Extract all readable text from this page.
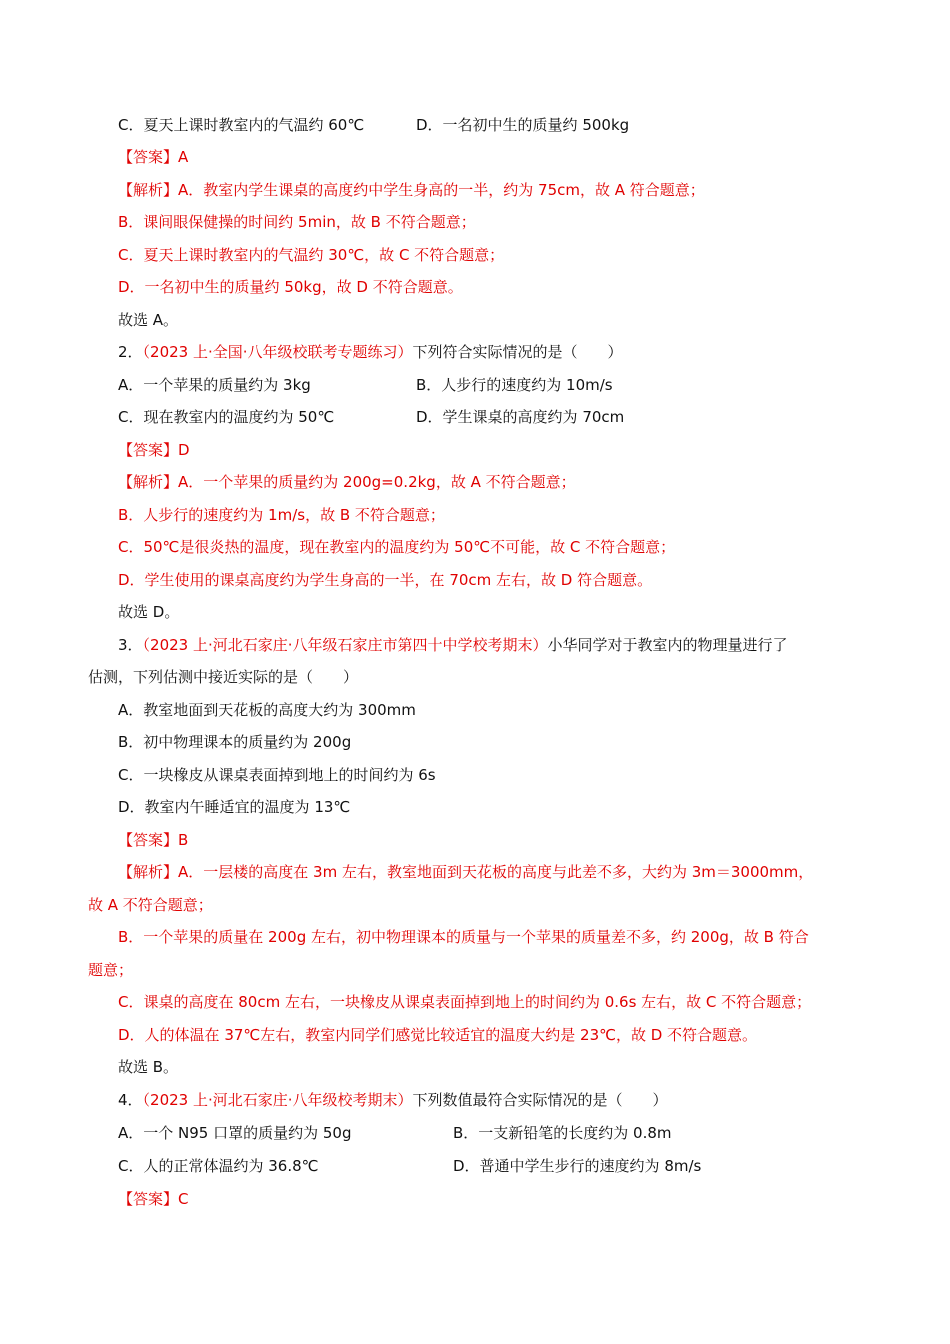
C．夏天上课时教室内的气温约 60℃	D．一名初中生的质量约 500kg
【答案】A
【解析】A．教室内学生课桌的高度约中学生身高的一半，约为 75cm，故 A 符合题意；
B．课间眼保健操的时间约 5min，故 B 不符合题意；
C．夏天上课时教室内的气温约 30℃，故 C 不符合题意；
D．一名初中生的质量约 50kg，故 D 不符合题意。
故选 A。
2．（2023 上·全国·八年级校联考专题练习）下列符合实际情况的是（　　）
A．一个苹果的质量约为 3kg	B．人步行的速度约为 10m/s
C．现在教室内的温度约为 50℃	D．学生课桌的高度约为 70cm
【答案】D
【解析】A．一个苹果的质量约为 200g=0.2kg，故 A 不符合题意；
B．人步行的速度约为 1m/s，故 B 不符合题意；
C．50℃是很炎热的温度，现在教室内的温度约为 50℃不可能，故 C 不符合题意；
D．学生使用的课桌高度约为学生身高的一半，在 70cm 左右，故 D 符合题意。
故选 D。
3．（2023 上·河北石家庄·八年级石家庄市第四十中学校考期末）小华同学对于教室内的物理量进行了
估测，下列估测中接近实际的是（　　）
A．教室地面到天花板的高度大约为 300mm
B．初中物理课本的质量约为 200g
C．一块橡皮从课桌表面掉到地上的时间约为 6s
D．教室内午睡适宜的温度为 13℃
【答案】B
【解析】A．一层楼的高度在 3m 左右，教室地面到天花板的高度与此差不多，大约为 3m＝3000mm，
故 A 不符合题意；
B．一个苹果的质量在 200g 左右，初中物理课本的质量与一个苹果的质量差不多，约 200g，故 B 符合
题意；
C．课桌的高度在 80cm 左右，一块橡皮从课桌表面掉到地上的时间约为 0.6s 左右，故 C 不符合题意；
D．人的体温在 37℃左右，教室内同学们感觉比较适宜的温度大约是 23℃，故 D 不符合题意。
故选 B。
4．（2023 上·河北石家庄·八年级校考期末）下列数值最符合实际情况的是（　　）
A．一个 N95 口罩的质量约为 50g	B．一支新铅笔的长度约为 0.8m
C．人的正常体温约为 36.8℃	D．普通中学生步行的速度约为 8m/s
【答案】C
